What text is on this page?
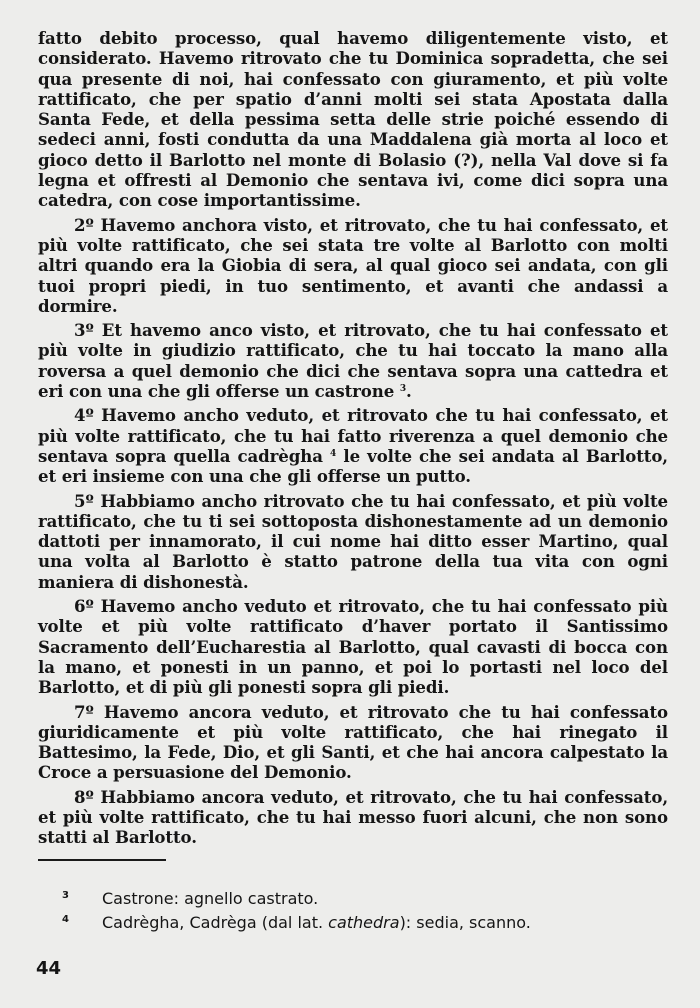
fatto debito processo, qual havemo diligentemente visto, et considerato. Havemo ritrovato che tu Dominica sopradetta, che sei qua presente di noi, hai confessato con giuramento, et più volte rattificato, che per spatio d’anni molti sei stata Apostata dalla Santa Fede, et della pessima setta delle strie poiché essendo di sedeci anni, fosti condutta da una Maddalena già morta al loco et gioco detto il Barlotto nel monte di Bolasio (?), nella Val dove si fa legna et offresti al Demonio che sentava ivi, come dici sopra una catedra, con cose importantissime.

2º Havemo anchora visto, et ritrovato, che tu hai confessato, et più volte rattificato, che sei stata tre volte al Barlotto con molti altri quando era la Giobia di sera, al qual gioco sei andata, con gli tuoi propri piedi, in tuo sentimento, et avanti che andassi a dormire.

3º Et havemo anco visto, et ritrovato, che tu hai confessato et più volte in giudizio rattificato, che tu hai toccato la mano alla roversa a quel demonio che dici che sentava sopra una cattedra et eri con una che gli offerse un castrone $^3$.

4º Havemo ancho veduto, et ritrovato che tu hai confessato, et più volte rattificato, che tu hai fatto riverenza a quel demonio che sentava sopra quella cadrègha $^4$ le volte che sei andata al Barlotto, et eri insieme con una che gli offerse un putto.

5º Habbiamo ancho ritrovato che tu hai confessato, et più volte rattificato, che tu ti sei sottoposta dishonestamente ad un demonio dattoti per innamorato, il cui nome hai ditto esser Martino, qual una volta al Barlotto è statto patrone della tua vita con ogni maniera di dishonestà.

6º Havemo ancho veduto et ritrovato, che tu hai confessato più volte et più volte rattificato d’haver portato il Santissimo Sacramento dell’Eucharestia al Barlotto, qual cavasti di bocca con la mano, et ponesti in un panno, et poi lo portasti nel loco del Barlotto, et di più gli ponesti sopra gli piedi.

7º Havemo ancora veduto, et ritrovato che tu hai confessato giuridicamente et più volte rattificato, che hai rinegato il Battesimo, la Fede, Dio, et gli Santi, et che hai ancora calpestato la Croce a persuasione del Demonio.

8º Habbiamo ancora veduto, et ritrovato, che tu hai confessato, et più volte rattificato, che tu hai messo fuori alcuni, che non sono statti al Barlotto.

3	Castrone: agnello castrato.
4	Cadrègha, Cadrèga (dal lat. cathedra): sedia, scanno.
44
